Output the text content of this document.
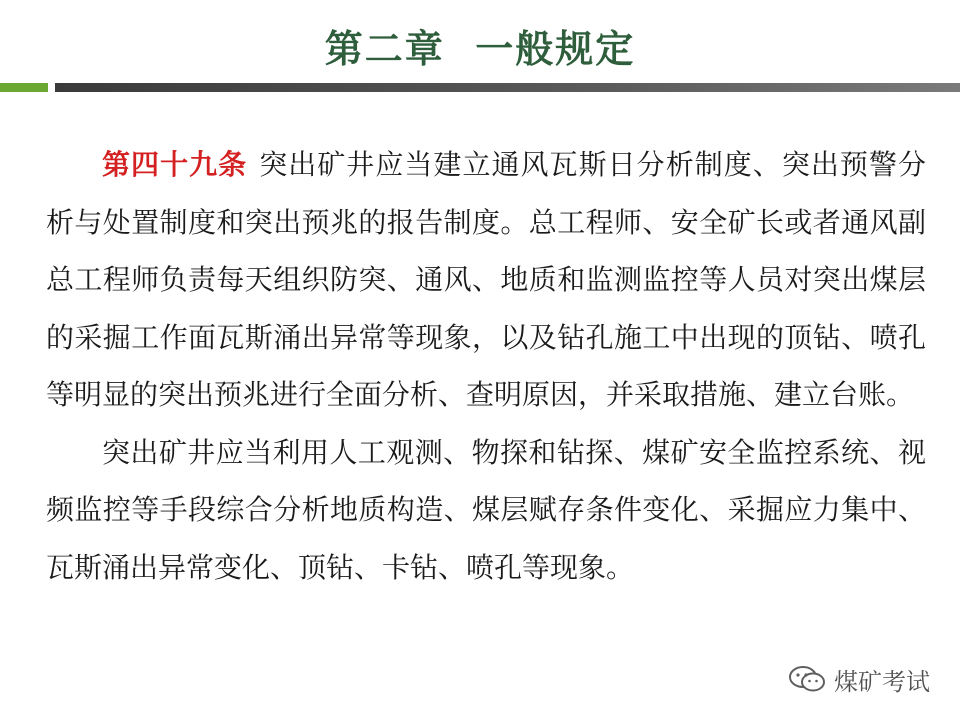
第二章  一般规定

第四十九条 突出矿井应当建立通风瓦斯日分析制度、突出预警分析与处置制度和突出预兆的报告制度。总工程师、安全矿长或者通风副总工程师负责每天组织防突、通风、地质和监测监控等人员对突出煤层的采掘工作面瓦斯涌出异常等现象，以及钻孔施工中出现的顶钻、喷孔等明显的突出预兆进行全面分析、查明原因，并采取措施、建立台账。

突出矿井应当利用人工观测、物探和钻探、煤矿安全监控系统、视频监控等手段综合分析地质构造、煤层赋存条件变化、采掘应力集中、瓦斯涌出异常变化、顶钻、卡钻、喷孔等现象。

煤矿考试
